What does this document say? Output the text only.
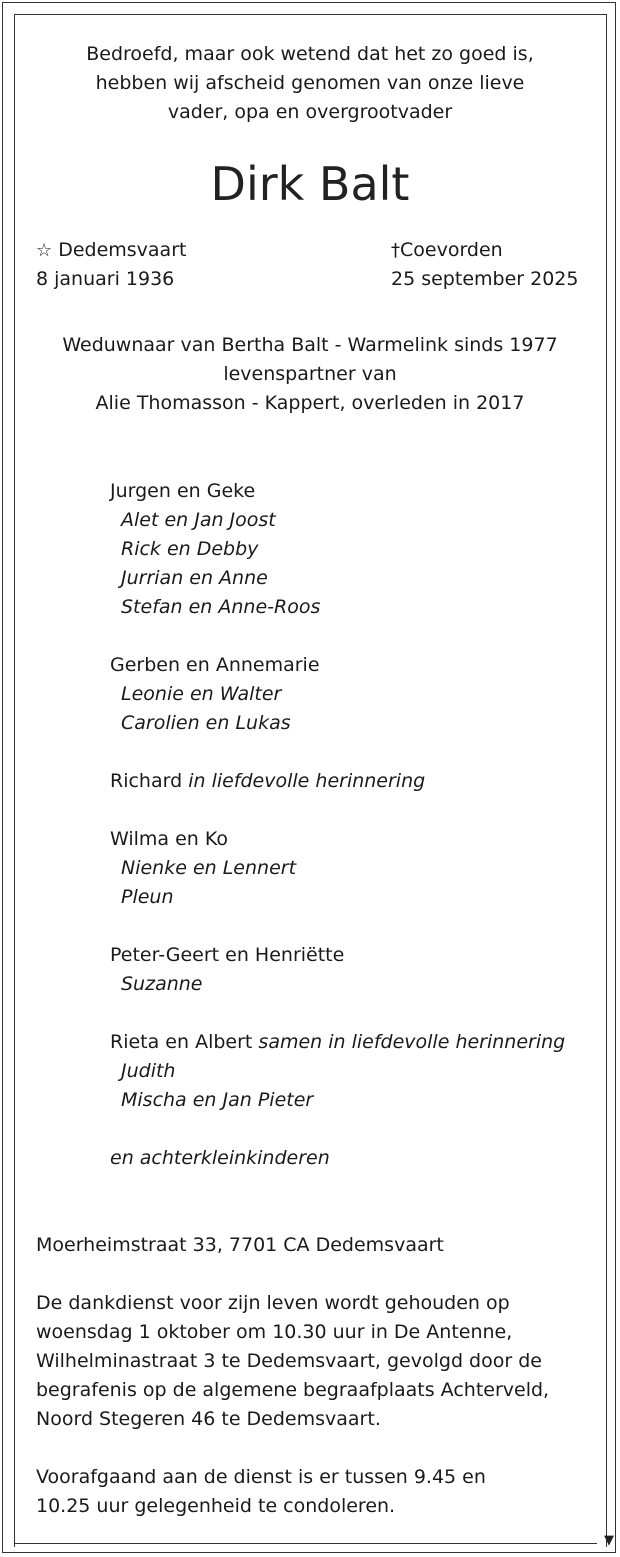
▼
Bedroefd, maar ook wetend dat het zo goed is,
hebben wij afscheid genomen van onze lieve
vader, opa en overgrootvader
Dirk Balt
☆ Dedemsvaart
8 januari 1936
†Coevorden
25 september 2025
Weduwnaar van Bertha Balt - Warmelink sinds 1977
levenspartner van
Alie Thomasson - Kappert, overleden in 2017
Jurgen en Geke
Alet en Jan Joost
Rick en Debby
Jurrian en Anne
Stefan en Anne-Roos
Gerben en Annemarie
Leonie en Walter
Carolien en Lukas
Richard in liefdevolle herinnering
Wilma en Ko
Nienke en Lennert
Pleun
Peter-Geert en Henriëtte
Suzanne
Rieta en Albert samen in liefdevolle herinnering
Judith
Mischa en Jan Pieter
en achterkleinkinderen
Moerheimstraat 33, 7701 CA Dedemsvaart
De dankdienst voor zijn leven wordt gehouden op
woensdag 1 oktober om 10.30 uur in De Antenne,
Wilhelminastraat 3 te Dedemsvaart, gevolgd door de
begrafenis op de algemene begraafplaats Achterveld,
Noord Stegeren 46 te Dedemsvaart.
Voorafgaand aan de dienst is er tussen 9.45 en
10.25 uur gelegenheid te condoleren.
